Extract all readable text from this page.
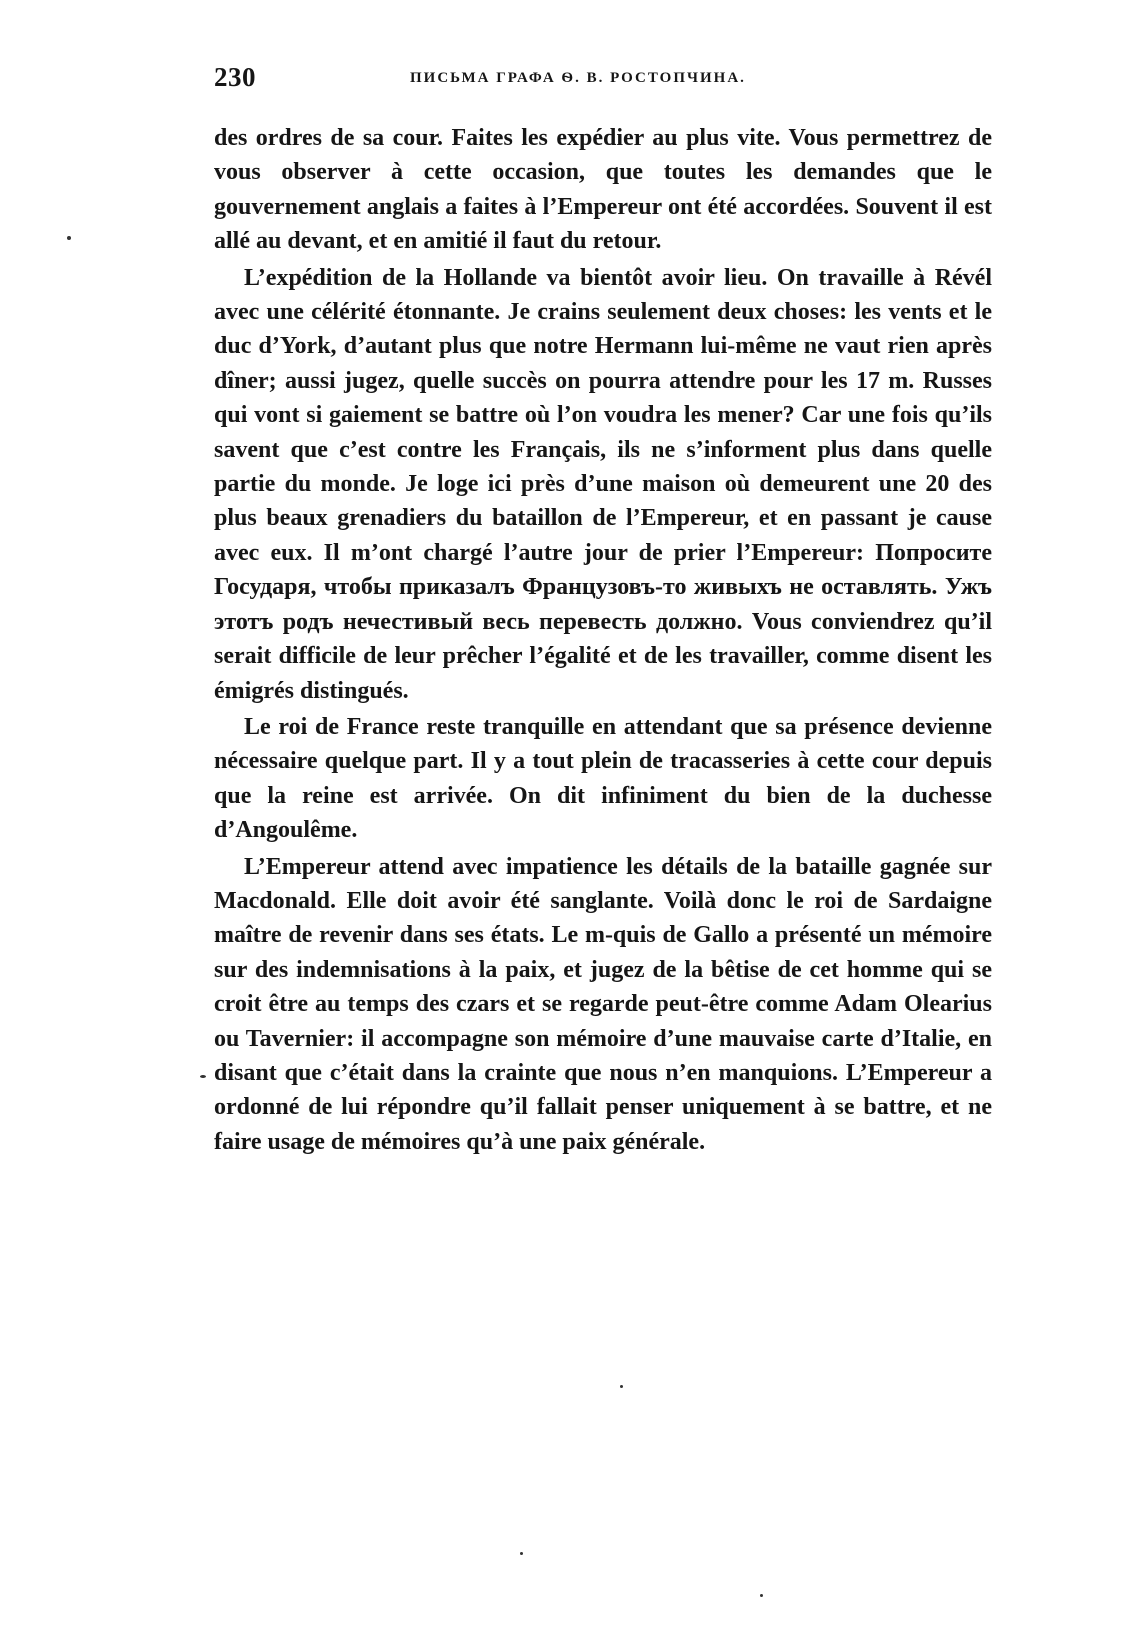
230	ПИСЬМА ГРАФА Ѳ. В. РОСТОПЧИНА.

des ordres de sa cour. Faites les expédier au plus vite. Vous permettrez de vous observer à cette occasion, que toutes les demandes que le gouvernement anglais a faites à l’Empereur ont été accordées. Souvent il est allé au devant, et en amitié il faut du retour.

L’expédition de la Hollande va bientôt avoir lieu. On travaille à Révél avec une célérité étonnante. Je crains seulement deux choses: les vents et le duc d’York, d’autant plus que notre Hermann lui-même ne vaut rien après dîner; aussi jugez, quelle succès on pourra attendre pour les 17 m. Russes qui vont si gaiement se battre où l’on voudra les mener? Car une fois qu’ils savent que c’est contre les Français, ils ne s’informent plus dans quelle partie du monde. Je loge ici près d’une maison où demeurent une 20 des plus beaux grenadiers du bataillon de l’Empereur, et en passant je cause avec eux. Il m’ont chargé l’autre jour de prier l’Empereur: Попросите Государя, чтобы приказалъ Французовъ-то живыхъ не оставлять. Ужъ этотъ родъ нечестивый весь перевесть должно. Vous conviendrez qu’il serait difficile de leur prêcher l’égalité et de les travailler, comme disent les émigrés distingués.

Le roi de France reste tranquille en attendant que sa présence devienne nécessaire quelque part. Il y a tout plein de tracasseries à cette cour depuis que la reine est arrivée. On dit infiniment du bien de la duchesse d’Angoulême.

L’Empereur attend avec impatience les détails de la bataille gagnée sur Macdonald. Elle doit avoir été sanglante. Voilà donc le roi de Sardaigne maître de revenir dans ses états. Le m-quis de Gallo a présenté un mémoire sur des indemnisations à la paix, et jugez de la bêtise de cet homme qui se croit être au temps des czars et se regarde peut-être comme Adam Olearius ou Tavernier: il accompagne son mémoire d’une mauvaise carte d’Italie, en disant que c’était dans la crainte que nous n’en manquions. L’Empereur a ordonné de lui répondre qu’il fallait penser uniquement à se battre, et ne faire usage de mémoires qu’à une paix générale.
